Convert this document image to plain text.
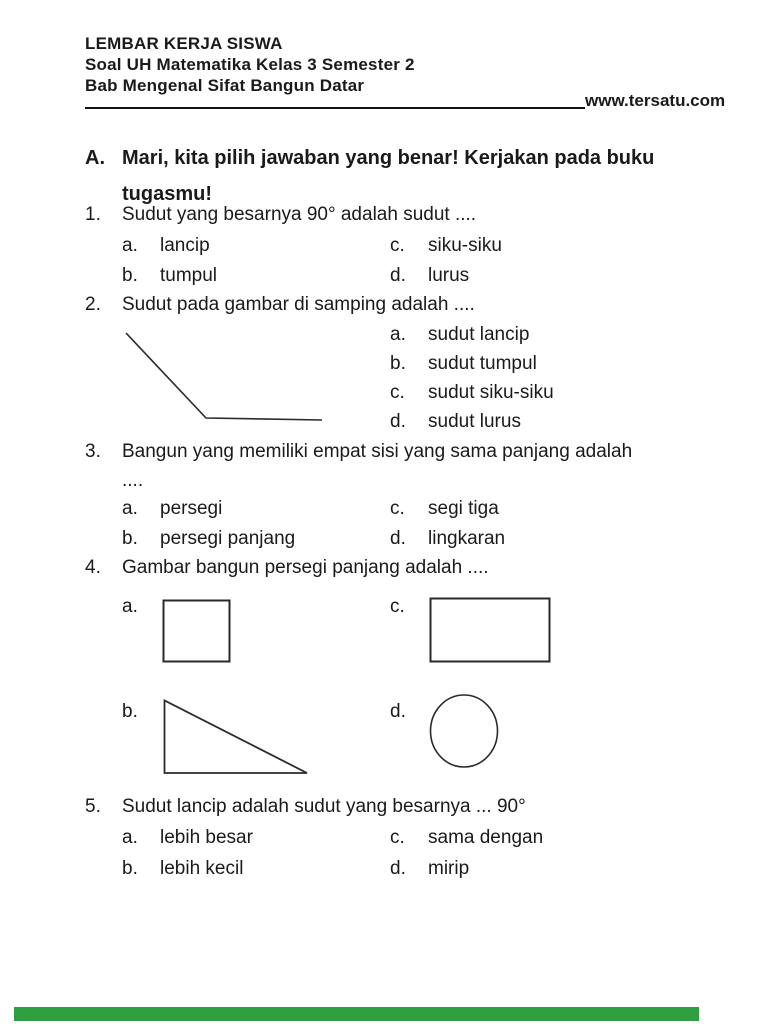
LEMBAR KERJA SISWA
Soal UH Matematika Kelas 3 Semester 2
Bab Mengenal Sifat Bangun Datar
www.tersatu.com
A. Mari, kita pilih jawaban yang benar! Kerjakan pada buku
tugasmu!
1. Sudut yang besarnya 90° adalah sudut ....
a. lancip	c. siku-siku
b. tumpul	d. lurus
2. Sudut pada gambar di samping adalah ....
a. sudut lancip
b. sudut tumpul
c. sudut siku-siku
d. sudut lurus
3. Bangun yang memiliki empat sisi yang sama panjang adalah
....
a. persegi	c. segi tiga
b. persegi panjang	d. lingkaran
4. Gambar bangun persegi panjang adalah ....
a.	c.
b.	d.
5. Sudut lancip adalah sudut yang besarnya ... 90°
a. lebih besar	c. sama dengan
b. lebih kecil	d. mirip
